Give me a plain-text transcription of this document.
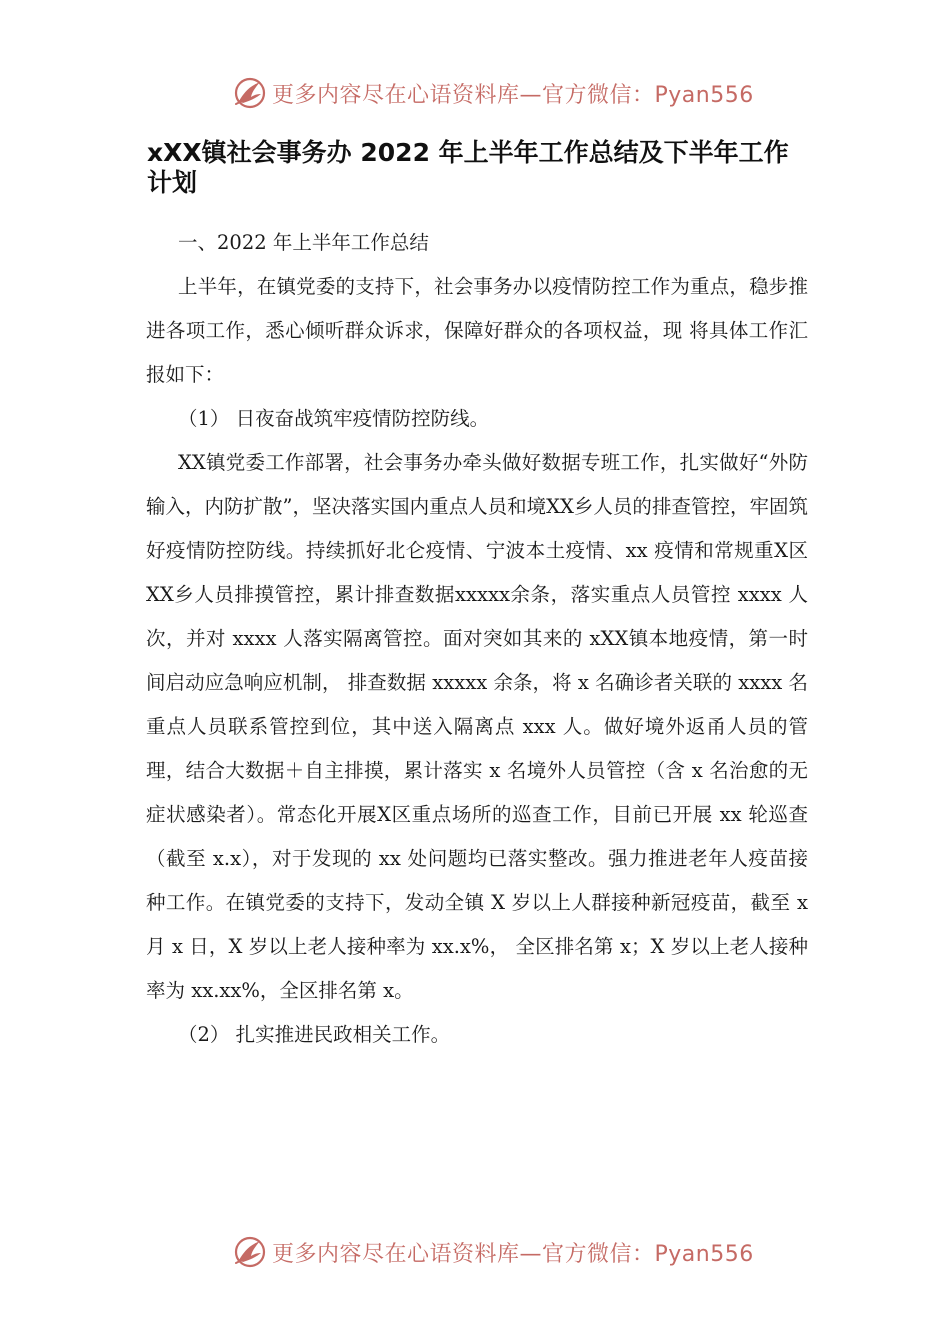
更多内容尽在心语资料库—官方微信：Pyan556
xXX镇社会事务办 2022 年上半年工作总结及下半年工作计划

一、2022 年上半年工作总结

上半年，在镇党委的支持下，社会事务办以疫情防控工作为重点，稳步推进各项工作，悉心倾听群众诉求，保障好群众的各项权益，现 将具体工作汇报如下：

（1） 日夜奋战筑牢疫情防控防线。

XX镇党委工作部署，社会事务办牵头做好数据专班工作，扎实做好“外防输入，内防扩散”，坚决落实国内重点人员和境XX乡人员的排查管控，牢固筑好疫情防控防线。持续抓好北仑疫情、宁波本土疫情、xx 疫情和常规重X区XX乡人员排摸管控，累计排查数据xxxxx余条，落实重点人员管控 xxxx 人次，并对 xxxx 人落实隔离管控。面对突如其来的 xXX镇本地疫情，第一时间启动应急响应机制， 排查数据 xxxxx 余条，将 x 名确诊者关联的 xxxx 名重点人员联系管控到位，其中送入隔离点 xxx 人。做好境外返甬人员的管理，结合大数据＋自主排摸，累计落实 x 名境外人员管控（含 x 名治愈的无症状感染者）。常态化开展X区重点场所的巡查工作，目前已开展 xx 轮巡查（截至 x.x），对于发现的 xx 处问题均已落实整改。强力推进老年人疫苗接种工作。在镇党委的支持下，发动全镇 X 岁以上人群接种新冠疫苗，截至 x 月 x 日，X 岁以上老人接种率为 xx.x%， 全区排名第 x；X 岁以上老人接种率为 xx.xx%，全区排名第 x。

（2） 扎实推进民政相关工作。

更多内容尽在心语资料库—官方微信：Pyan556
